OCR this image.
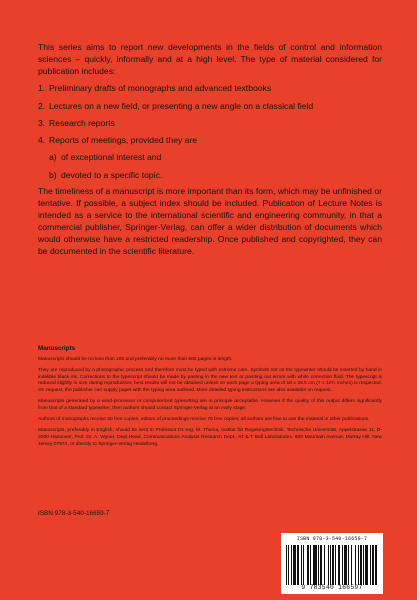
This series aims to report new developments in the fields of control and information sciences – quickly, informally and at a high level. The type of material considered for publication includes:

1. Preliminary drafts of monographs and advanced textbooks
2. Lectures on a new field, or presenting a new angle on a classical field
3. Research reports
4. Reports of meetings, provided they are
a) of exceptional interest and
b) devoted to a specific topic.

The timeliness of a manuscript is more important than its form, which may be unfinished or tentative. If possible, a subject index should be included. Publication of Lecture Notes is intended as a service to the international scientific and engineering community, in that a commercial publisher, Springer-Verlag, can offer a wider distribution of documents which would otherwise have a restricted readership. Once published and copyrighted, they can be documented in the scientific literature.

Manuscripts

Manuscripts should be no less than 100 and preferably no more than 500 pages in length.

They are reproduced by a photographic process and therefore must be typed with extreme care. Symbols not on the typewriter should be inserted by hand in indelible black ink. Corrections to the typescript should be made by pasting in the new text or painting out errors with white correction fluid. The typescript is reduced slightly in size during reproduction; best results will not be obtained unless on each page a typing area of 18 x 26.5 cm (7 x 10½ inches) is respected. On request, the publisher can supply paper with the typing area outlined. More detailed typing instructions are also available on request.

Manuscripts generated by a word-processor or computerized typesetting are in principle acceptable. However if the quality of this output differs significantly from that of a standard typewriter, then authors should contact Springer-Verlag at an early stage.

Authors of monographs receive 50 free copies; editors of proceedings receive 75 free copies; all authors are free to use the material in other publications.

Manuscripts, preferably in English, should be sent to Professor Dr.-Ing. M. Thoma, Institut für Regelungstechnik, Technische Universität, Appelstrasse 11, D-3000 Hannover, Prof. Dr. A. Wyner, Dept.Head, Communications Analysis Research Dept., AT & T Bell Laboratories, 600 Mountain Avenue, Murray Hill, New Jersey 07974, or directly to Springer-Verlag Heidelberg.

ISBN 978-3-540-16659-7
ISBN 978-3-540-16659-7
9 783540 166597
